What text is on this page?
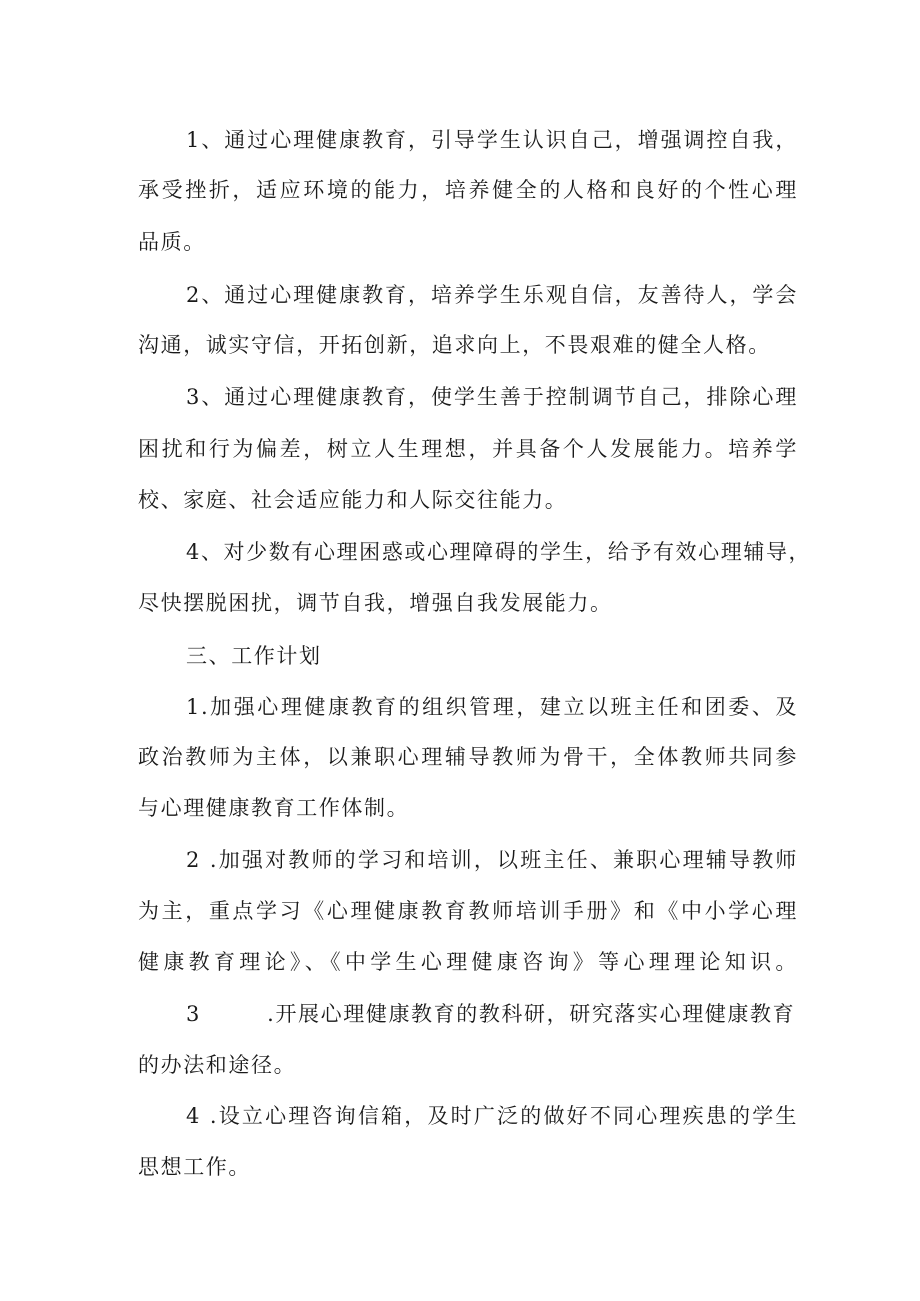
1、通过心理健康教育，引导学生认识自己，增强调控自我，
承受挫折，适应环境的能力，培养健全的人格和良好的个性心理
品质。
2、通过心理健康教育，培养学生乐观自信，友善待人，学会
沟通，诚实守信，开拓创新，追求向上，不畏艰难的健全人格。
3、通过心理健康教育，使学生善于控制调节自己，排除心理
困扰和行为偏差，树立人生理想，并具备个人发展能力。培养学
校、家庭、社会适应能力和人际交往能力。
4、对少数有心理困惑或心理障碍的学生，给予有效心理辅导，
尽快摆脱困扰，调节自我，增强自我发展能力。
三、工作计划
1.加强心理健康教育的组织管理，建立以班主任和团委、及
政治教师为主体，以兼职心理辅导教师为骨干，全体教师共同参
与心理健康教育工作体制。
2 .加强对教师的学习和培训，以班主任、兼职心理辅导教师
为主，重点学习《心理健康教育教师培训手册》和《中小学心理
健康教育理论》、《中学生心理健康咨询》等心理理论知识。
3        .开展心理健康教育的教科研，研究落实心理健康教育
的办法和途径。
4 .设立心理咨询信箱，及时广泛的做好不同心理疾患的学生
思想工作。
